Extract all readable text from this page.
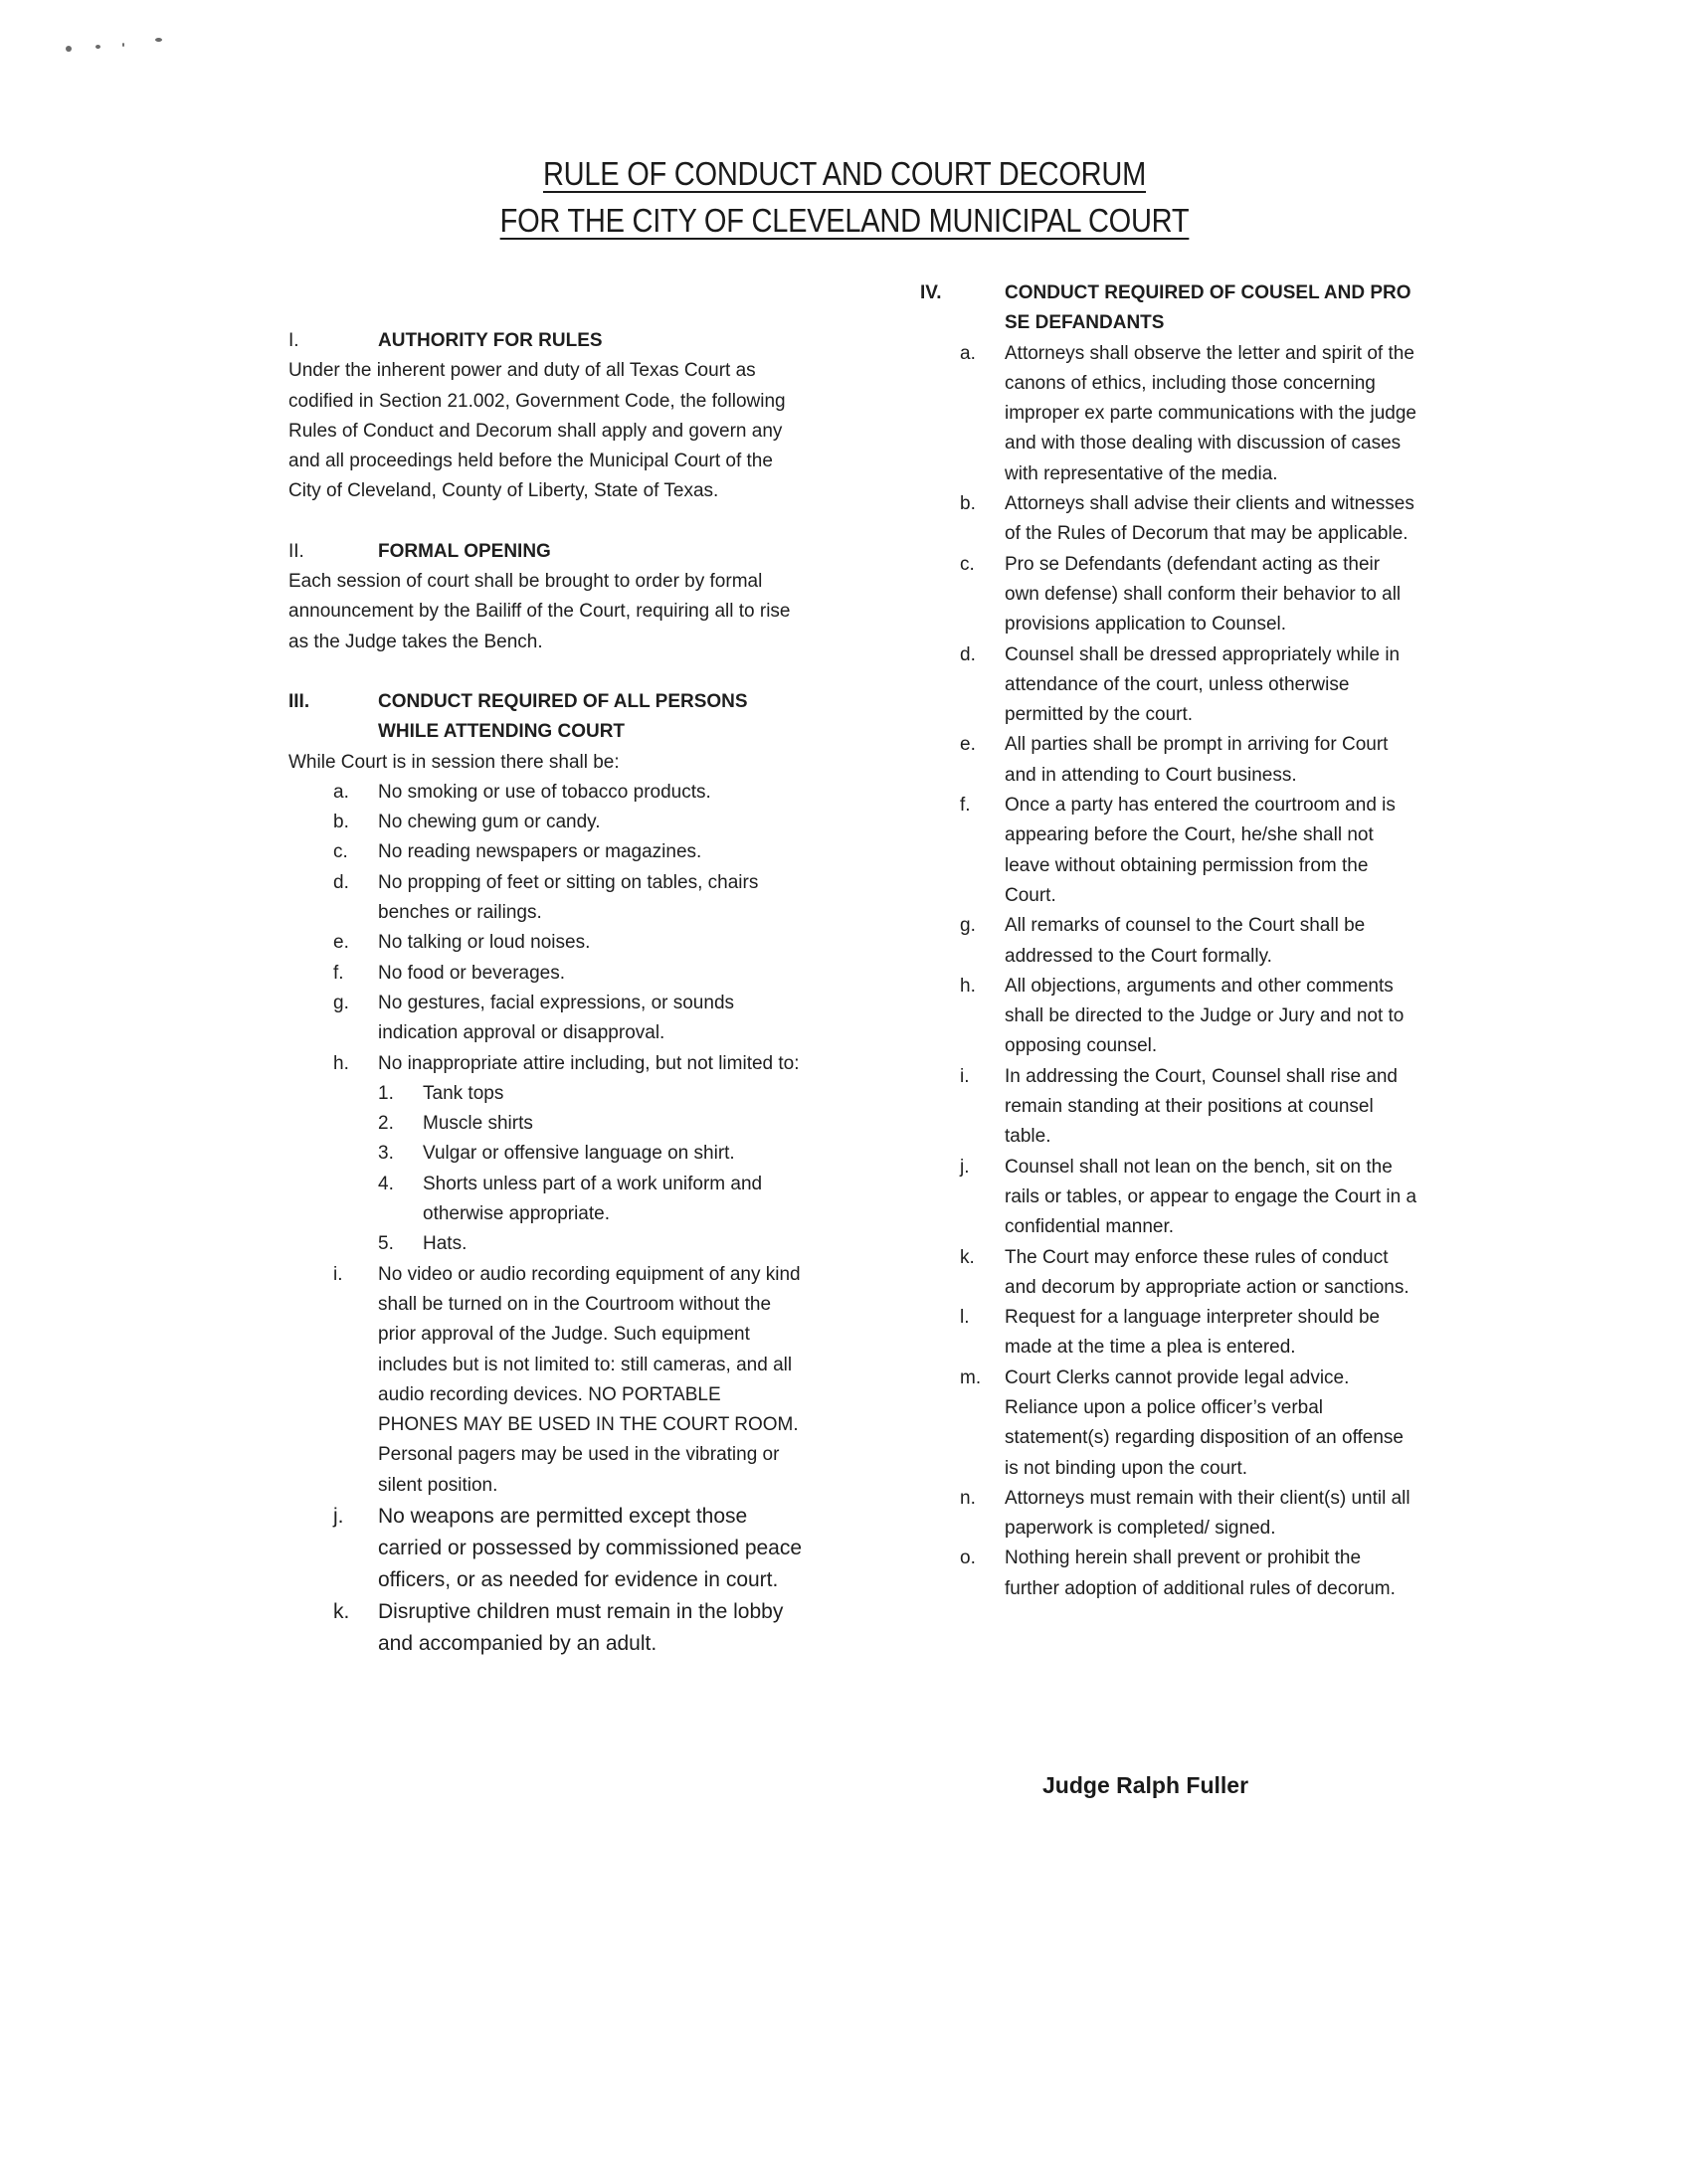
RULE OF CONDUCT AND COURT DECORUM
FOR THE CITY OF CLEVELAND MUNICIPAL COURT
I.	AUTHORITY FOR RULES

Under the inherent power and duty of all Texas Court as codified in Section 21.002, Government Code, the following Rules of Conduct and Decorum shall apply and govern any and all proceedings held before the Municipal Court of the City of Cleveland, County of Liberty, State of Texas.

II.	FORMAL OPENING

Each session of court shall be brought to order by formal announcement by the Bailiff of the Court, requiring all to rise as the Judge takes the Bench.

III.	CONDUCT REQUIRED OF ALL PERSONS WHILE ATTENDING COURT

While Court is in session there shall be:

a.	No smoking or use of tobacco products.
b.	No chewing gum or candy.
c.	No reading newspapers or magazines.
d.	No propping of feet or sitting on tables, chairs benches or railings.
e.	No talking or loud noises.
f.	No food or beverages.
g.	No gestures, facial expressions, or sounds indication approval or disapproval.
h.	No inappropriate attire including, but not limited to:
1.	Tank tops
2.	Muscle shirts
3.	Vulgar or offensive language on shirt.
4.	Shorts unless part of a work uniform and otherwise appropriate.
5.	Hats.
i.	No video or audio recording equipment of any kind shall be turned on in the Courtroom without the prior approval of the Judge. Such equipment includes but is not limited to: still cameras, and all audio recording devices. NO PORTABLE PHONES MAY BE USED IN THE COURT ROOM. Personal pagers may be used in the vibrating or silent position.
j.	No weapons are permitted except those carried or possessed by commissioned peace officers, or as needed for evidence in court.
k.	Disruptive children must remain in the lobby and accompanied by an adult.
IV.	CONDUCT REQUIRED OF COUSEL AND PRO SE DEFANDANTS
a.	Attorneys shall observe the letter and spirit of the canons of ethics, including those concerning improper ex parte communications with the judge and with those dealing with discussion of cases with representative of the media.
b.	Attorneys shall advise their clients and witnesses of the Rules of Decorum that may be applicable.
c.	Pro se Defendants (defendant acting as their own defense) shall conform their behavior to all provisions application to Counsel.
d.	Counsel shall be dressed appropriately while in attendance of the court, unless otherwise permitted by the court.
e.	All parties shall be prompt in arriving for Court and in attending to Court business.
f.	Once a party has entered the courtroom and is appearing before the Court, he/she shall not leave without obtaining permission from the Court.
g.	All remarks of counsel to the Court shall be addressed to the Court formally.
h.	All objections, arguments and other comments shall be directed to the Judge or Jury and not to opposing counsel.
i.	In addressing the Court, Counsel shall rise and remain standing at their positions at counsel table.
j.	Counsel shall not lean on the bench, sit on the rails or tables, or appear to engage the Court in a confidential manner.
k.	The Court may enforce these rules of conduct and decorum by appropriate action or sanctions.
l.	Request for a language interpreter should be made at the time a plea is entered.
m.	Court Clerks cannot provide legal advice. Reliance upon a police officer’s verbal statement(s) regarding disposition of an offense is not binding upon the court.
n.	Attorneys must remain with their client(s) until all paperwork is completed/ signed.
o.	Nothing herein shall prevent or prohibit the further adoption of additional rules of decorum.
Judge Ralph Fuller
